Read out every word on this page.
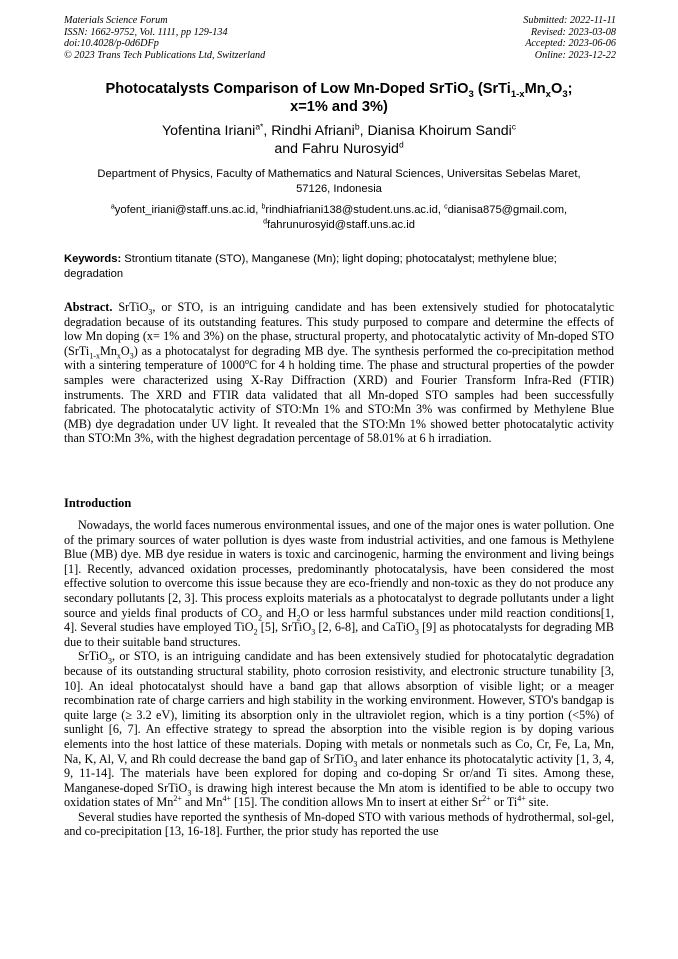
Materials Science Forum
ISSN: 1662-9752, Vol. 1111, pp 129-134
doi:10.4028/p-0d6DFp
© 2023 Trans Tech Publications Ltd, Switzerland
Submitted: 2022-11-11
Revised: 2023-03-08
Accepted: 2023-06-06
Online: 2023-12-22
Photocatalysts Comparison of Low Mn-Doped SrTiO$_3$ ($SrTi_{1-x}Mn_xO_3$;
x=1% and 3%)
Yofentina Iriani$^{a*}$, Rindhi Afriani$^b$, Dianisa Khoirum Sandi$^c$
and Fahru Nurosyid$^d$
Department of Physics, Faculty of Mathematics and Natural Sciences, Universitas Sebelas Maret,
57126, Indonesia
$^a$yofent_iriani@staff.uns.ac.id, $^b$rindhiafriani138@student.uns.ac.id, $^c$dianisa875@gmail.com,
$^d$fahrunurosyid@staff.uns.ac.id
Keywords: Strontium titanate (STO), Manganese (Mn); light doping; photocatalyst; methylene blue; degradation
Abstract. SrTiO$_3$, or STO, is an intriguing candidate and has been extensively studied for photocatalytic degradation because of its outstanding features. This study purposed to compare and determine the effects of low Mn doping (x= 1% and 3%) on the phase, structural property, and photocatalytic activity of Mn-doped STO $(SrTi_{1-x}Mn_xO_3)$ as a photocatalyst for degrading MB dye. The synthesis performed the co-precipitation method with a sintering temperature of 1000$^o$C for 4 h holding time. The phase and structural properties of the powder samples were characterized using X-Ray Diffraction (XRD) and Fourier Transform Infra-Red (FTIR) instruments. The XRD and FTIR data validated that all Mn-doped STO samples had been successfully fabricated. The photocatalytic activity of STO:Mn 1% and STO:Mn 3% was confirmed by Methylene Blue (MB) dye degradation under UV light. It revealed that the STO:Mn 1% showed better photocatalytic activity than STO:Mn 3%, with the highest degradation percentage of 58.01% at 6 h irradiation.
Introduction

Nowadays, the world faces numerous environmental issues, and one of the major ones is water pollution. One of the primary sources of water pollution is dyes waste from industrial activities, and one famous is Methylene Blue (MB) dye. MB dye residue in waters is toxic and carcinogenic, harming the environment and living beings [1]. Recently, advanced oxidation processes, predominantly photocatalysis, have been considered the most effective solution to overcome this issue because they are eco-friendly and non-toxic as they do not produce any secondary pollutants [2, 3]. This process exploits materials as a photocatalyst to degrade pollutants under a light source and yields final products of $CO_2$ and $H_2O$ or less harmful substances under mild reaction conditions[1, 4]. Several studies have employed TiO$_2$ [5], SrTiO$_3$ [2, 6-8], and CaTiO$_3$ [9] as photocatalysts for degrading MB due to their suitable band structures.

SrTiO$_3$, or STO, is an intriguing candidate and has been extensively studied for photocatalytic degradation because of its outstanding structural stability, photo corrosion resistivity, and electronic structure tunability [3, 10]. An ideal photocatalyst should have a band gap that allows absorption of visible light; or a meager recombination rate of charge carriers and high stability in the working environment. However, STO's bandgap is quite large (≥ 3.2 eV), limiting its absorption only in the ultraviolet region, which is a tiny portion (<5%) of sunlight [6, 7]. An effective strategy to spread the absorption into the visible region is by doping various elements into the host lattice of these materials. Doping with metals or nonmetals such as Co, Cr, Fe, La, Mn, Na, K, Al, V, and Rh could decrease the band gap of SrTiO$_3$ and later enhance its photocatalytic activity [1, 3, 4, 9, 11-14]. The materials have been explored for doping and co-doping Sr or/and Ti sites. Among these, Manganese-doped SrTiO$_3$ is drawing high interest because the Mn atom is identified to be able to occupy two oxidation states of $Mn^{2+}$ and $Mn^{4+}$ [15]. The condition allows Mn to insert at either $Sr^{2+}$ or $Ti^{4+}$ site.

Several studies have reported the synthesis of Mn-doped STO with various methods of hydrothermal, sol-gel, and co-precipitation [13, 16-18]. Further, the prior study has reported the use
